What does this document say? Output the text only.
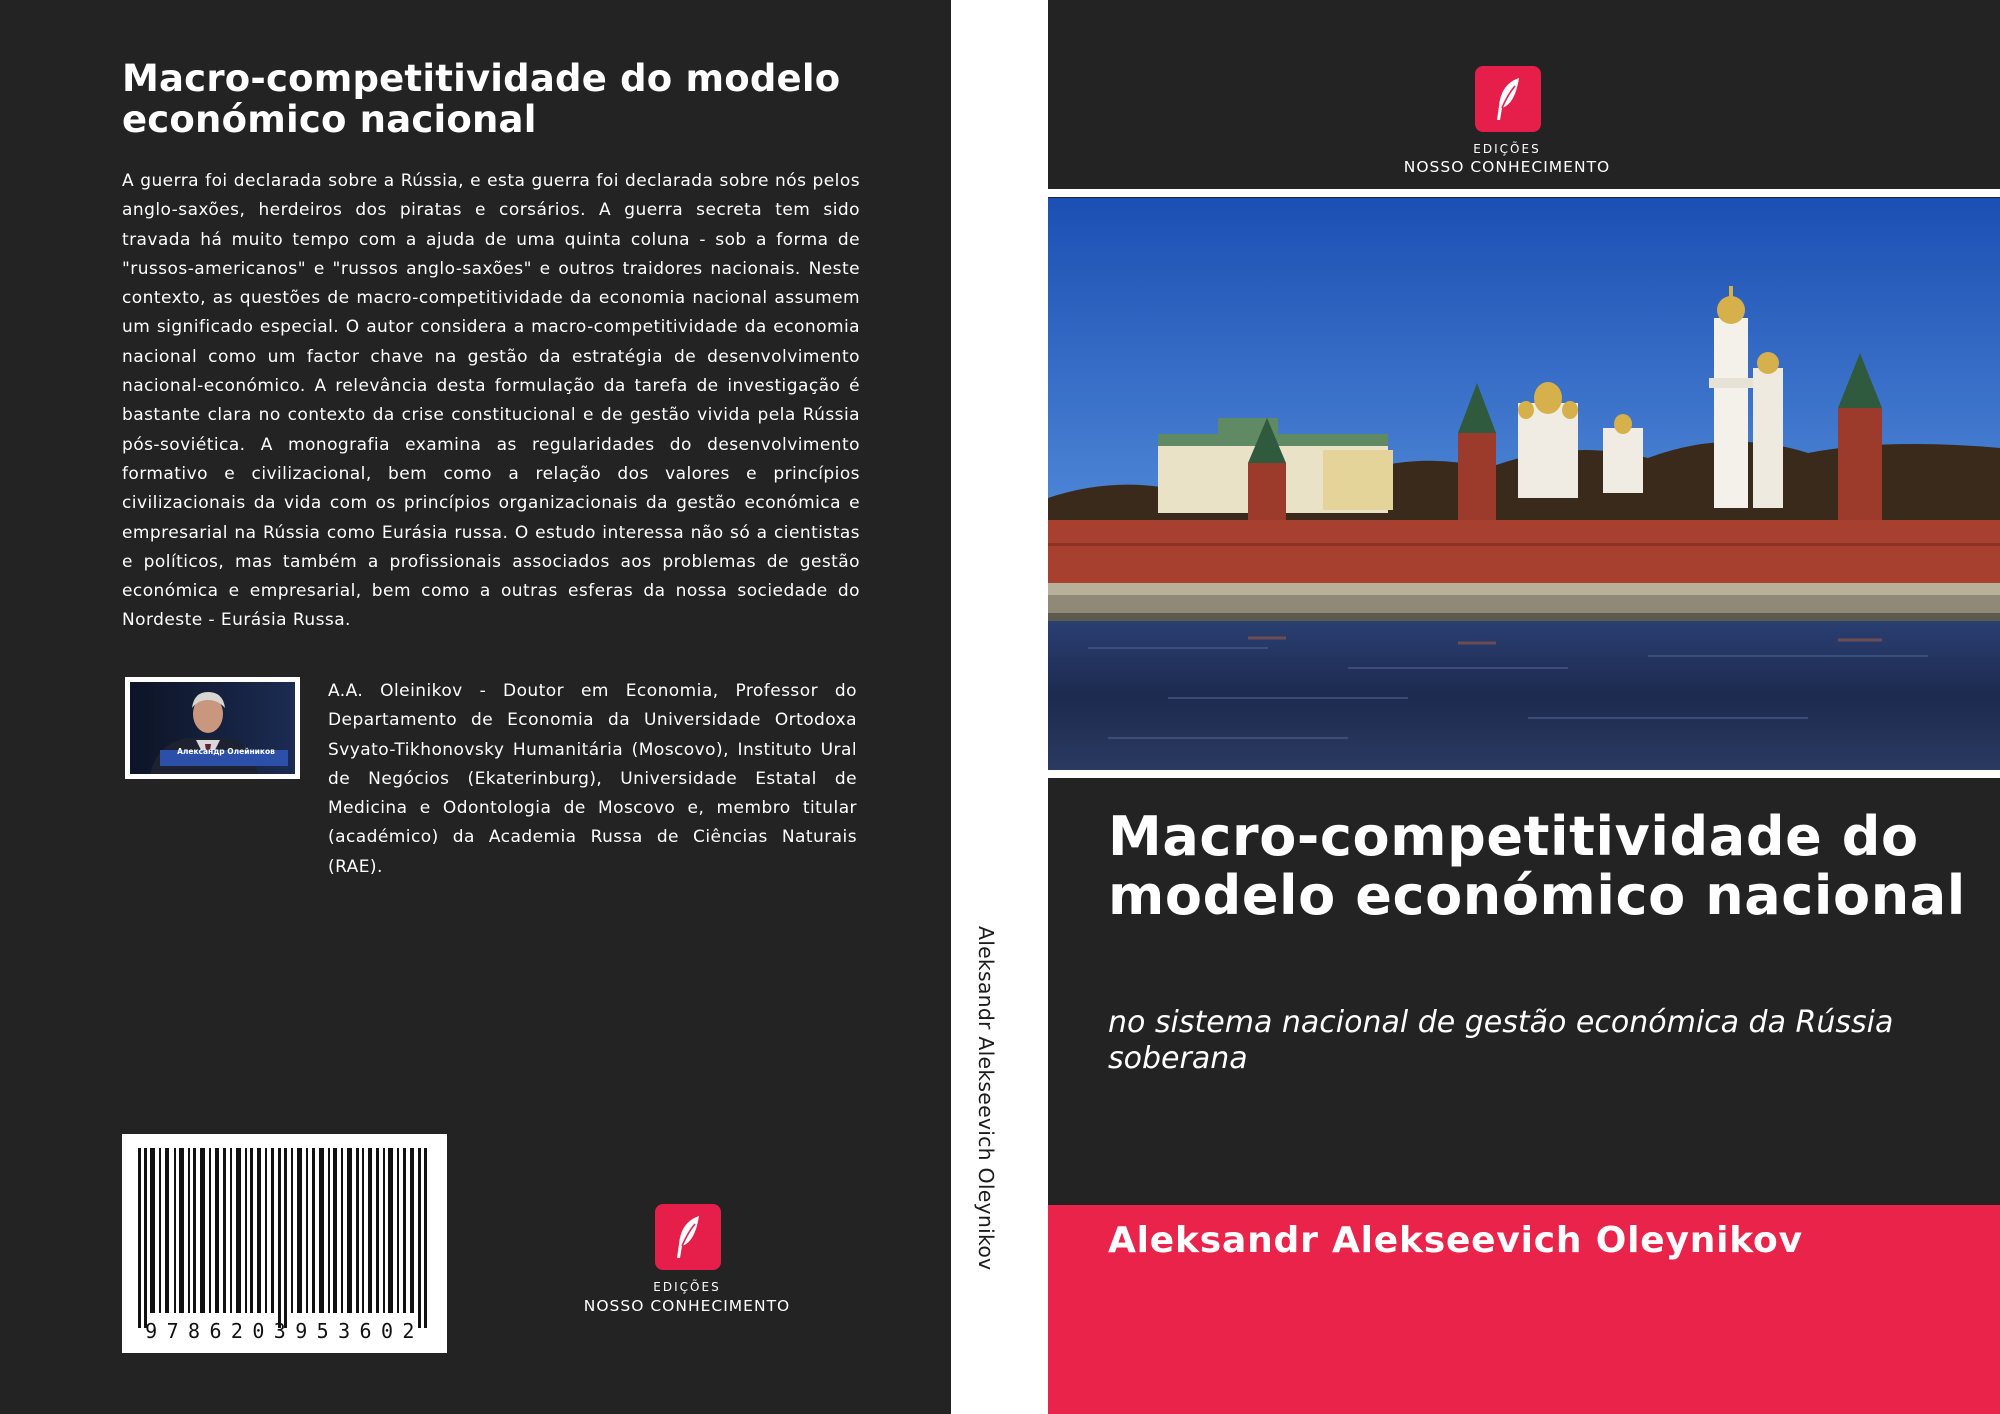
Macro-competitividade do modelo económico nacional

A guerra foi declarada sobre a Rússia, e esta guerra foi declarada sobre nós pelos anglo-saxões, herdeiros dos piratas e corsários. A guerra secreta tem sido travada há muito tempo com a ajuda de uma quinta coluna - sob a forma de "russos-americanos" e "russos anglo-saxões" e outros traidores nacionais. Neste contexto, as questões de macro-competitividade da economia nacional assumem um significado especial. O autor considera a macro-competitividade da economia nacional como um factor chave na gestão da estratégia de desenvolvimento nacional-económico. A relevância desta formulação da tarefa de investigação é bastante clara no contexto da crise constitucional e de gestão vivida pela Rússia pós-soviética. A monografia examina as regularidades do desenvolvimento formativo e civilizacional, bem como a relação dos valores e princípios civilizacionais da vida com os princípios organizacionais da gestão económica e empresarial na Rússia como Eurásia russa. O estudo interessa não só a cientistas e políticos, mas também a profissionais associados aos problemas de gestão económica e empresarial, bem como a outras esferas da nossa sociedade do Nordeste - Eurásia Russa.

Александр Олейников

A.A. Oleinikov - Doutor em Economia, Professor do Departamento de Economia da Universidade Ortodoxa Svyato-Tikhonovsky Humanitária (Moscovo), Instituto Ural de Negócios (Ekaterinburg), Universidade Estatal de Medicina e Odontologia de Moscovo e, membro titular (académico) da Academia Russa de Ciências Naturais (RAE).

9786203953602
EDIÇÕES
NOSSO CONHECIMENTO
Aleksandr Alekseevich Oleynikov
EDIÇÕES
NOSSO CONHECIMENTO
Macro-competitividade do modelo económico nacional

no sistema nacional de gestão económica da Rússia soberana

Aleksandr Alekseevich Oleynikov
